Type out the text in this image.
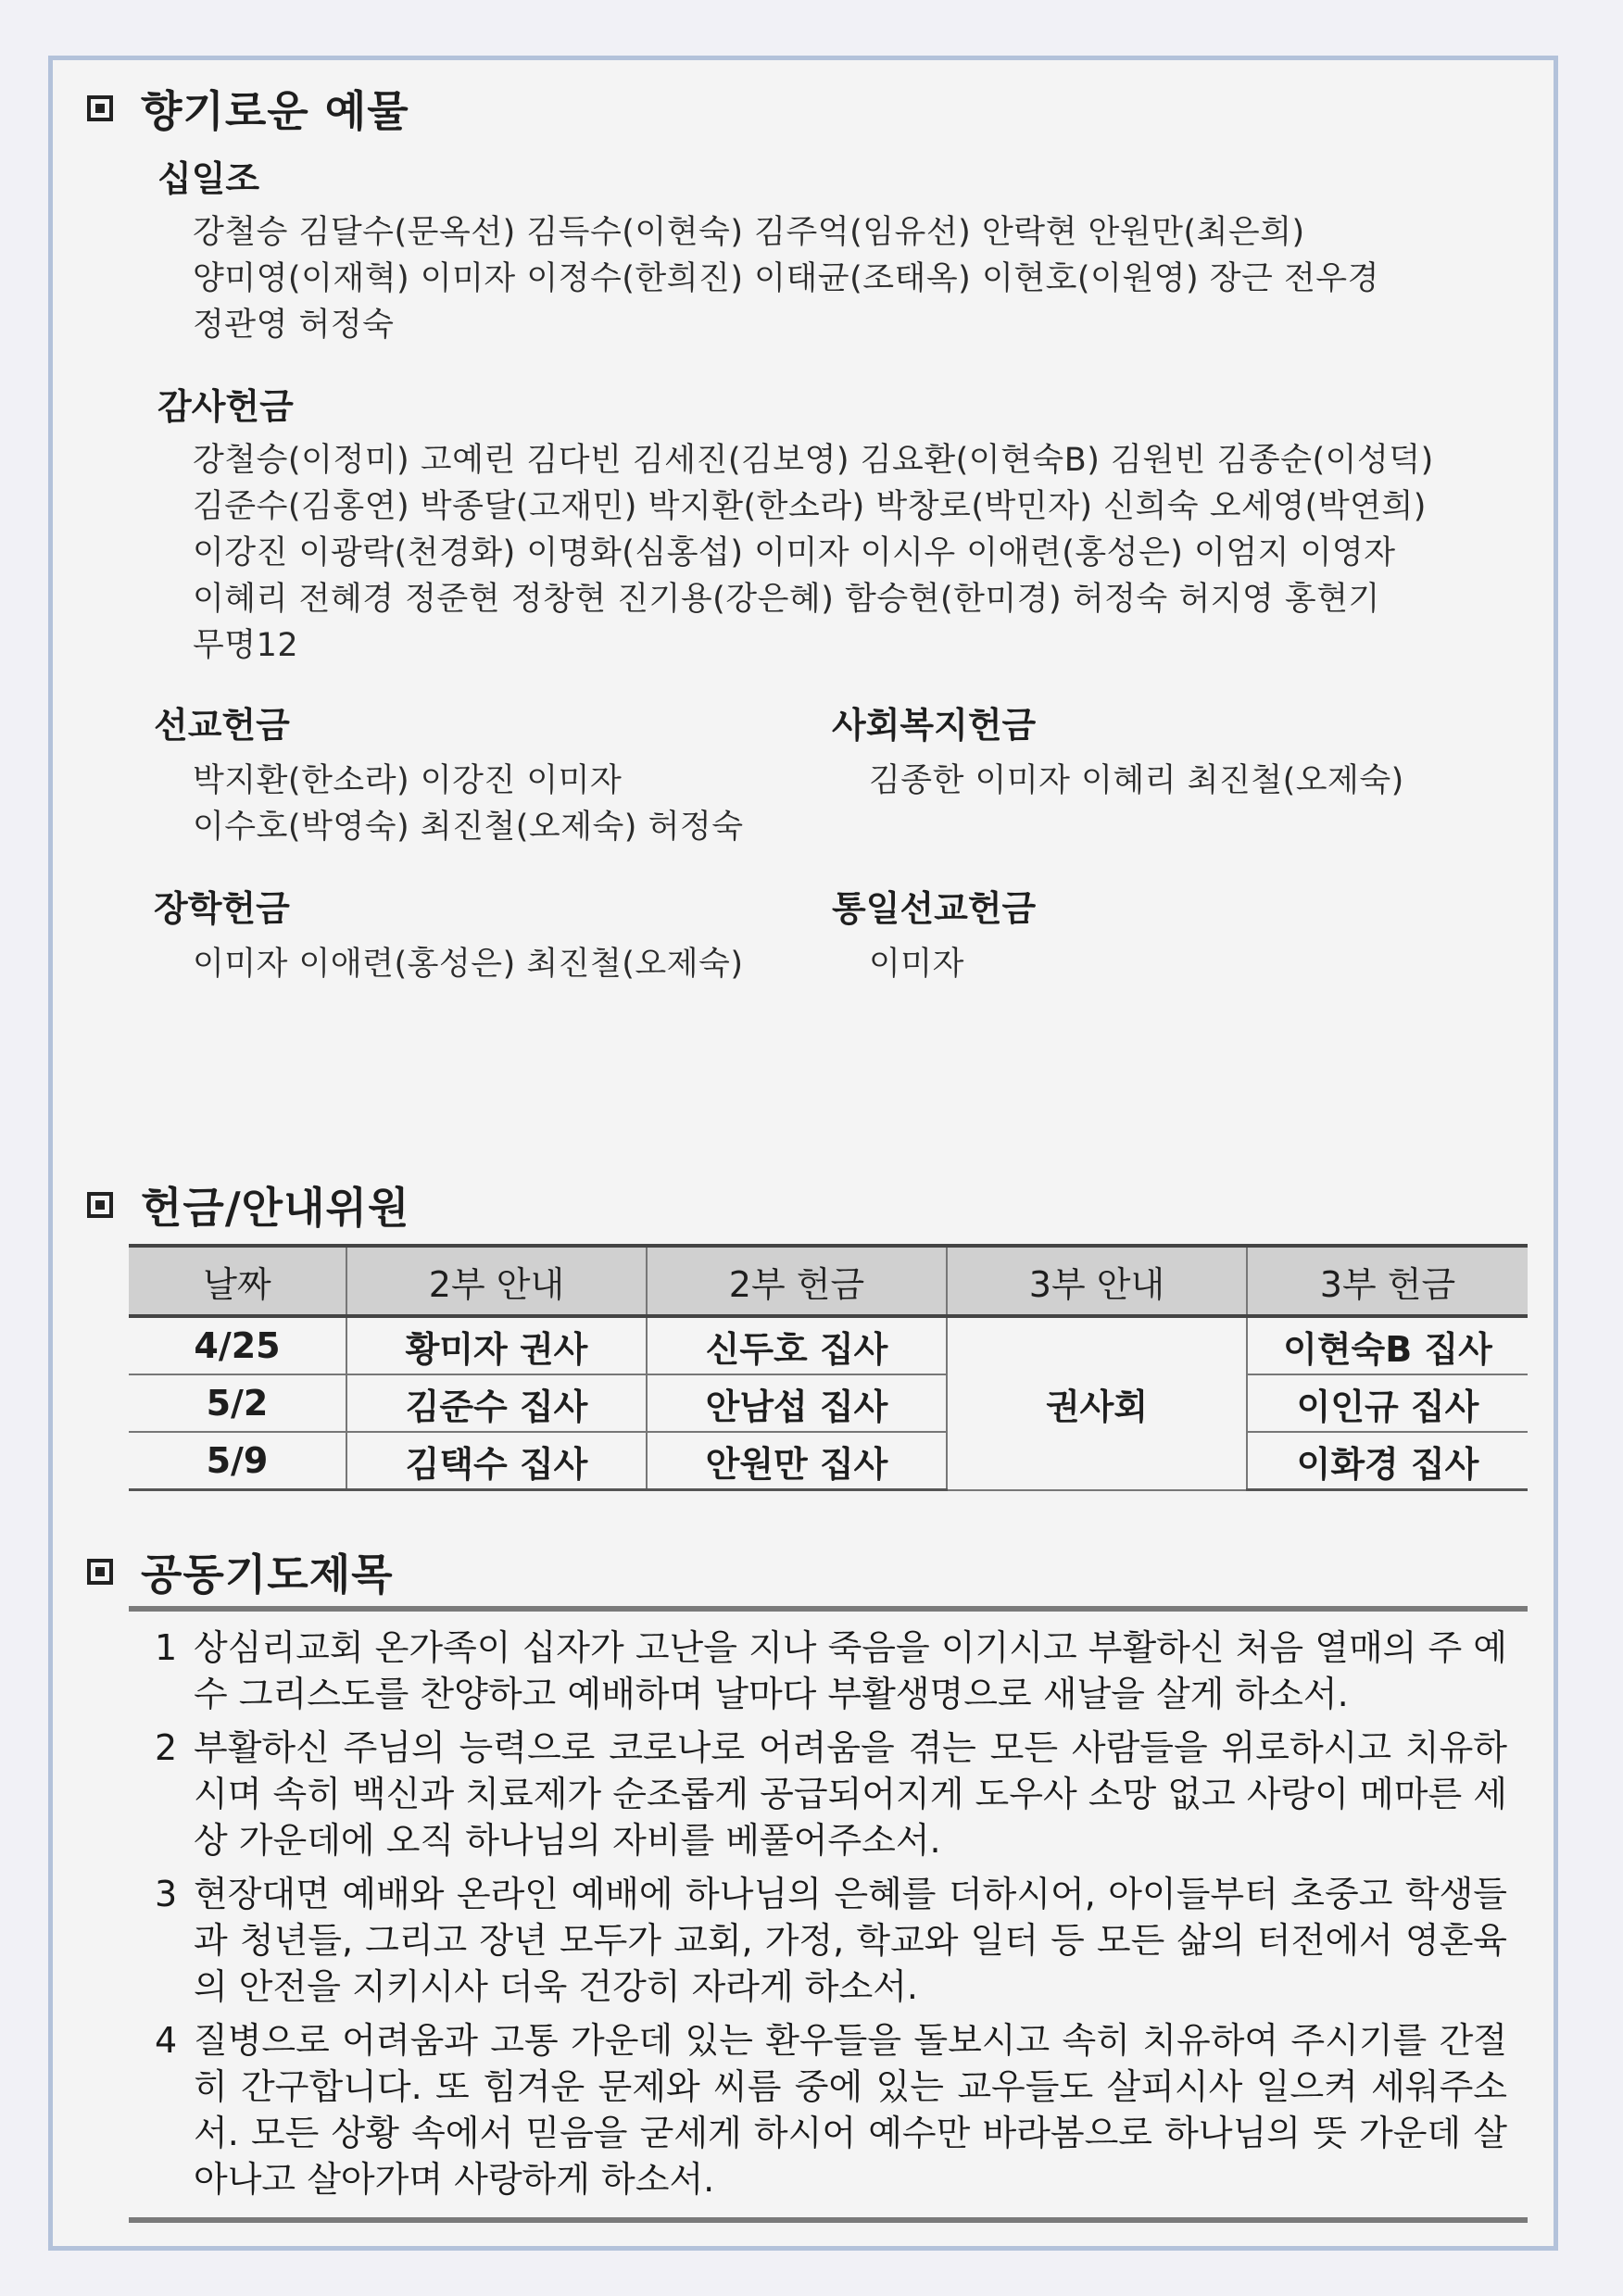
향기로운 예물
십일조
강철승 김달수(문옥선) 김득수(이현숙) 김주억(임유선) 안락현 안원만(최은희)
양미영(이재혁) 이미자 이정수(한희진) 이태균(조태옥) 이현호(이원영) 장근 전우경
정관영 허정숙
감사헌금
강철승(이정미) 고예린 김다빈 김세진(김보영) 김요환(이현숙B) 김원빈 김종순(이성덕)
김준수(김홍연) 박종달(고재민) 박지환(한소라) 박창로(박민자) 신희숙 오세영(박연희)
이강진 이광락(천경화) 이명화(심홍섭) 이미자 이시우 이애련(홍성은) 이엄지 이영자
이혜리 전혜경 정준현 정창현 진기용(강은혜) 함승현(한미경) 허정숙 허지영 홍현기
무명12
선교헌금
박지환(한소라) 이강진 이미자
이수호(박영숙) 최진철(오제숙) 허정숙
사회복지헌금
김종한 이미자 이혜리 최진철(오제숙)
장학헌금
이미자 이애련(홍성은) 최진철(오제숙)
통일선교헌금
이미자
헌금/안내위원
날짜	2부 안내	2부 헌금	3부 안내	3부 헌금
4/25	황미자 권사	신두호 집사	권사회	이현숙B 집사
5/2	김준수 집사	안남섭 집사		이인규 집사
5/9	김택수 집사	안원만 집사		이화경 집사
공동기도제목
1 상심리교회 온가족이 십자가 고난을 지나 죽음을 이기시고 부활하신 처음 열매의 주 예수 그리스도를 찬양하고 예배하며 날마다 부활생명으로 새날을 살게 하소서.
2 부활하신 주님의 능력으로 코로나로 어려움을 겪는 모든 사람들을 위로하시고 치유하시며 속히 백신과 치료제가 순조롭게 공급되어지게 도우사 소망 없고 사랑이 메마른 세상 가운데에 오직 하나님의 자비를 베풀어주소서.
3 현장대면 예배와 온라인 예배에 하나님의 은혜를 더하시어, 아이들부터 초중고 학생들과 청년들, 그리고 장년 모두가 교회, 가정, 학교와 일터 등 모든 삶의 터전에서 영혼육의 안전을 지키시사 더욱 건강히 자라게 하소서.
4 질병으로 어려움과 고통 가운데 있는 환우들을 돌보시고 속히 치유하여 주시기를 간절히 간구합니다. 또 힘겨운 문제와 씨름 중에 있는 교우들도 살피시사 일으켜 세워주소서. 모든 상황 속에서 믿음을 굳세게 하시어 예수만 바라봄으로 하나님의 뜻 가운데 살아나고 살아가며 사랑하게 하소서.
